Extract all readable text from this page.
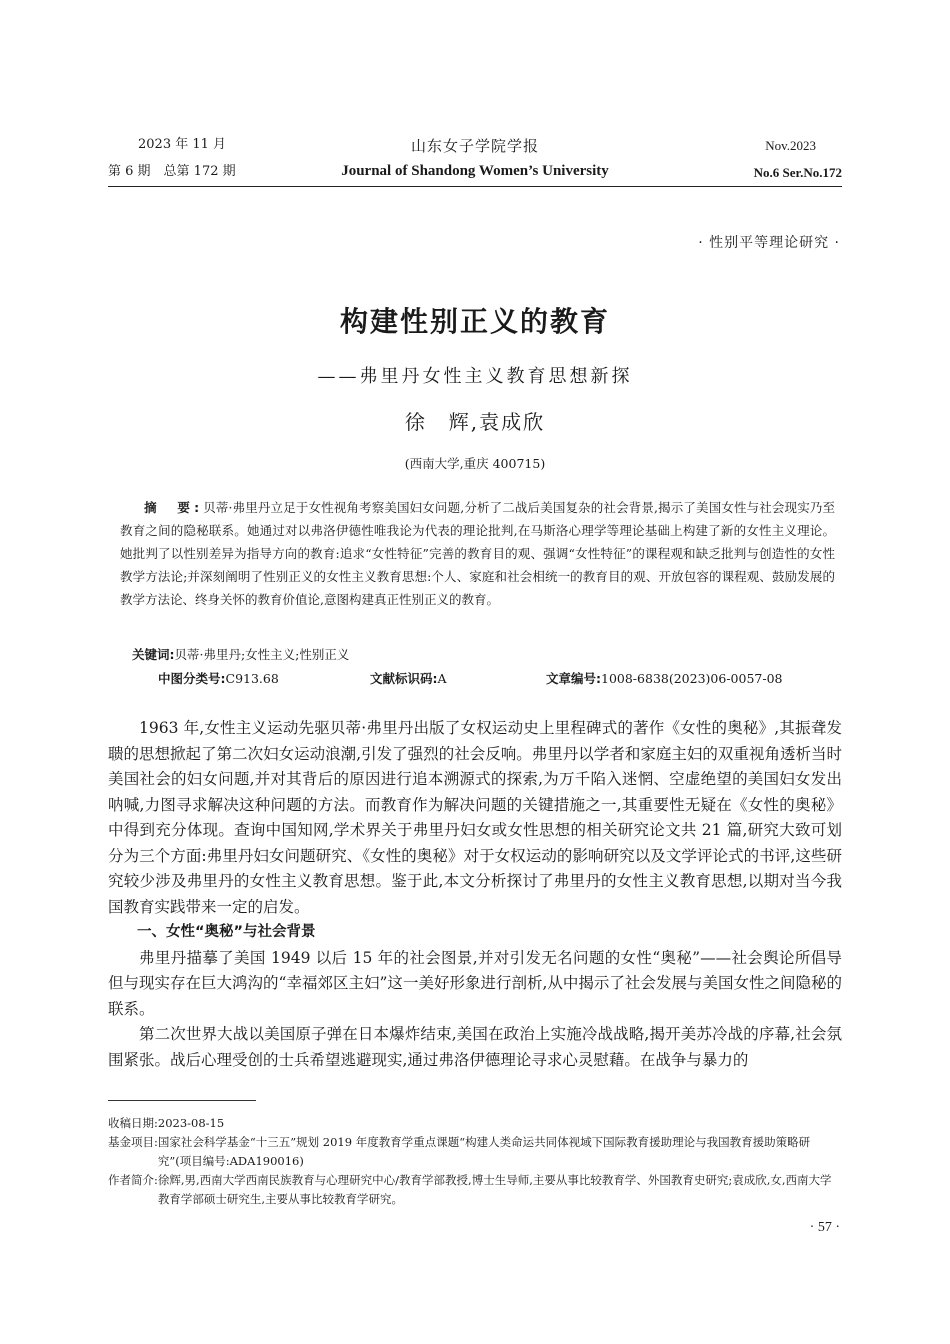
2023 年 11 月
第 6 期　总第 172 期
山东女子学院学报
Journal of Shandong Women’s University
Nov.2023
No.6 Ser.No.172
· 性别平等理论研究 ·
构建性别正义的教育
——弗里丹女性主义教育思想新探
徐　辉,袁成欣
(西南大学,重庆 400715)
摘　要:贝蒂·弗里丹立足于女性视角考察美国妇女问题,分析了二战后美国复杂的社会背景,揭示了美国女性与社会现实乃至教育之间的隐秘联系。她通过对以弗洛伊德性唯我论为代表的理论批判,在马斯洛心理学等理论基础上构建了新的女性主义理论。她批判了以性别差异为指导方向的教育:追求“女性特征”完善的教育目的观、强调“女性特征”的课程观和缺乏批判与创造性的女性教学方法论;并深刻阐明了性别正义的女性主义教育思想:个人、家庭和社会相统一的教育目的观、开放包容的课程观、鼓励发展的教学方法论、终身关怀的教育价值论,意图构建真正性别正义的教育。
关键词:贝蒂·弗里丹;女性主义;性别正义
中图分类号:C913.68	文献标识码:A	文章编号:1008-6838(2023)06-0057-08

1963 年,女性主义运动先驱贝蒂·弗里丹出版了女权运动史上里程碑式的著作《女性的奥秘》,其振聋发聩的思想掀起了第二次妇女运动浪潮,引发了强烈的社会反响。弗里丹以学者和家庭主妇的双重视角透析当时美国社会的妇女问题,并对其背后的原因进行追本溯源式的探索,为万千陷入迷惘、空虚绝望的美国妇女发出呐喊,力图寻求解决这种问题的方法。而教育作为解决问题的关键措施之一,其重要性无疑在《女性的奥秘》中得到充分体现。查询中国知网,学术界关于弗里丹妇女或女性思想的相关研究论文共 21 篇,研究大致可划分为三个方面:弗里丹妇女问题研究、《女性的奥秘》对于女权运动的影响研究以及文学评论式的书评,这些研究较少涉及弗里丹的女性主义教育思想。鉴于此,本文分析探讨了弗里丹的女性主义教育思想,以期对当今我国教育实践带来一定的启发。

一、女性“奥秘”与社会背景

弗里丹描摹了美国 1949 以后 15 年的社会图景,并对引发无名问题的女性“奥秘”——社会舆论所倡导但与现实存在巨大鸿沟的“幸福郊区主妇”这一美好形象进行剖析,从中揭示了社会发展与美国女性之间隐秘的联系。

第二次世界大战以美国原子弹在日本爆炸结束,美国在政治上实施冷战战略,揭开美苏冷战的序幕,社会氛围紧张。战后心理受创的士兵希望逃避现实,通过弗洛伊德理论寻求心灵慰藉。在战争与暴力的

收稿日期: 2023-08-15
基金项目: 国家社会科学基金“十三五”规划 2019 年度教育学重点课题“构建人类命运共同体视域下国际教育援助理论与我国教育援助策略研究”(项目编号:ADA190016)
作者简介: 徐辉,男,西南大学西南民族教育与心理研究中心/教育学部教授,博士生导师,主要从事比较教育学、外国教育史研究;袁成欣,女,西南大学教育学部硕士研究生,主要从事比较教育学研究。
· 57 ·
